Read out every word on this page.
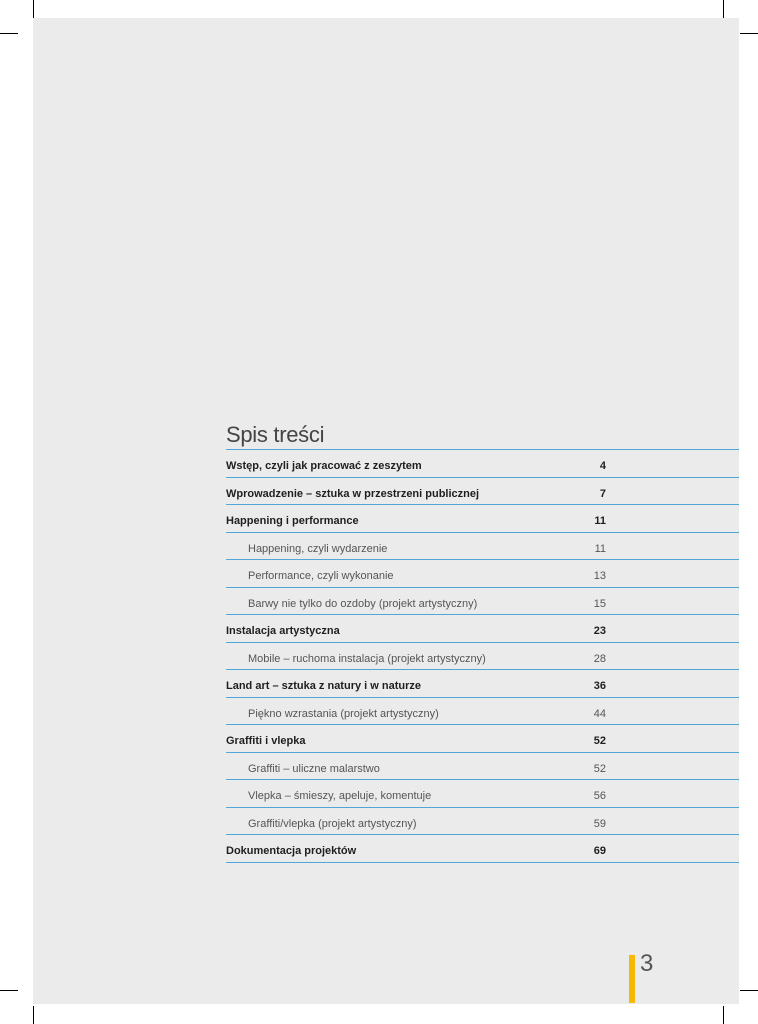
Spis treści
Wstęp, czyli jak pracować z zeszytem	4
Wprowadzenie – sztuka w przestrzeni publicznej	7
Happening i performance	11
Happening, czyli wydarzenie	11
Performance, czyli wykonanie	13
Barwy nie tylko do ozdoby (projekt artystyczny)	15
Instalacja artystyczna	23
Mobile – ruchoma instalacja (projekt artystyczny)	28
Land art – sztuka z natury i w naturze	36
Piękno wzrastania (projekt artystyczny)	44
Graffiti i vlepka	52
Graffiti – uliczne malarstwo	52
Vlepka – śmieszy, apeluje, komentuje	56
Graffiti/vlepka (projekt artystyczny)	59
Dokumentacja projektów	69
3
